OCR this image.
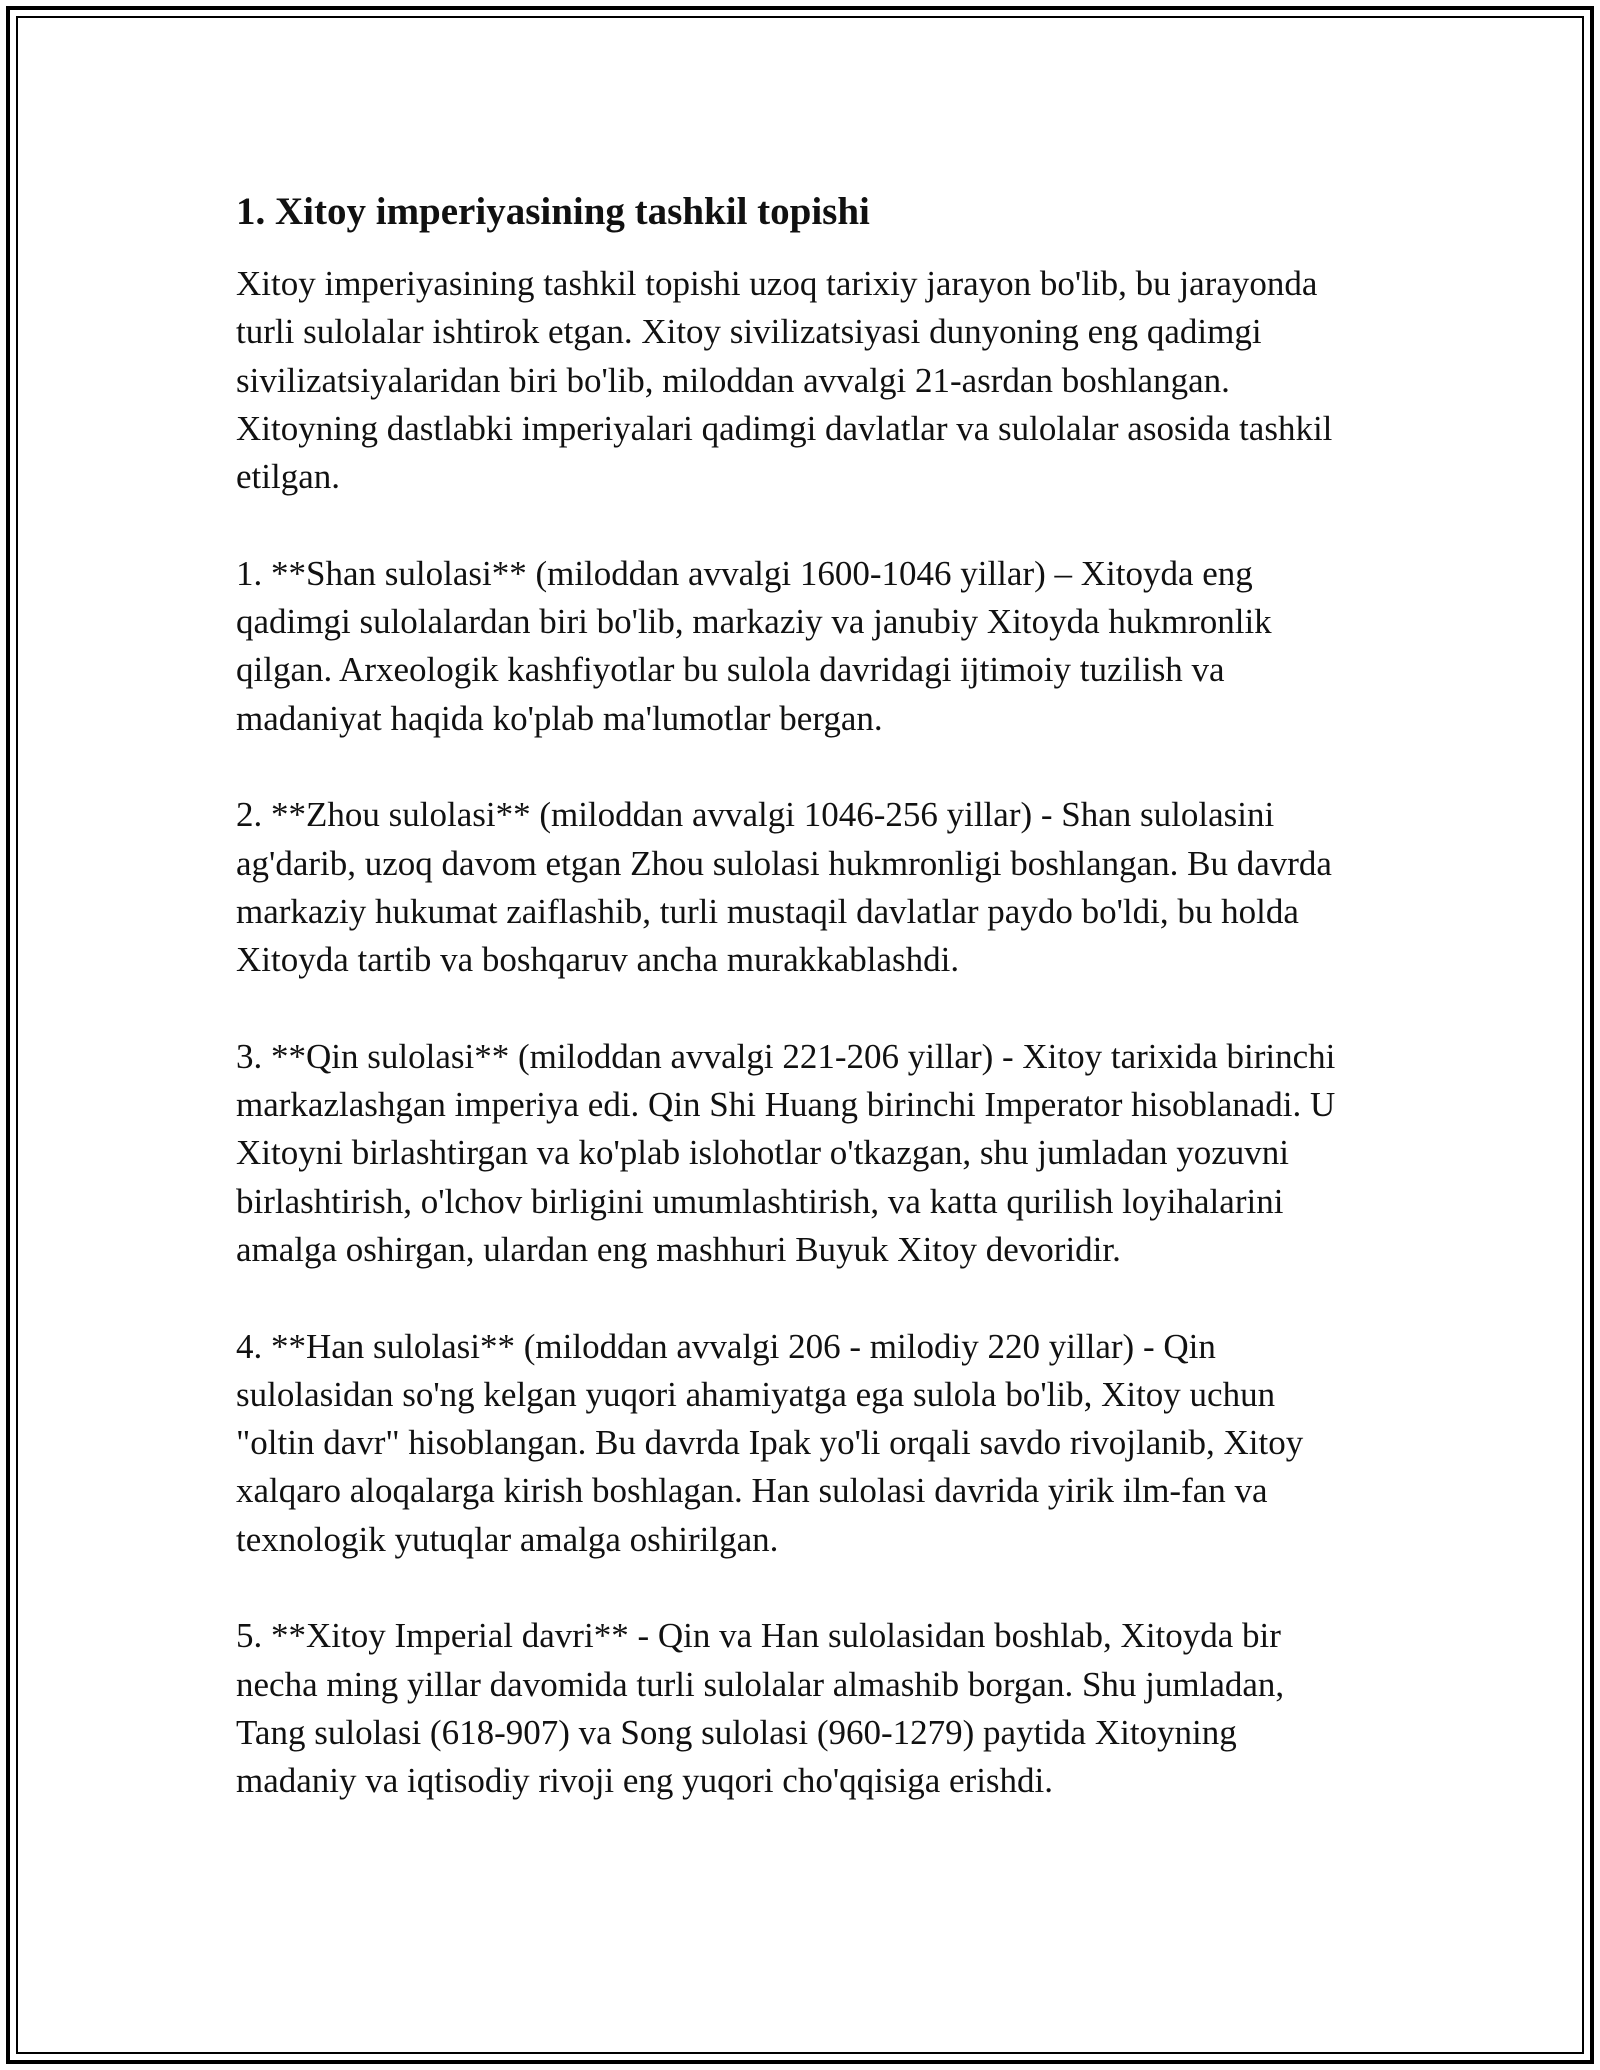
1. Xitoy imperiyasining tashkil topishi

Xitoy imperiyasining tashkil topishi uzoq tarixiy jarayon bo'lib, bu jarayonda turli sulolalar ishtirok etgan. Xitoy sivilizatsiyasi dunyoning eng qadimgi sivilizatsiyalaridan biri bo'lib, miloddan avvalgi 21-asrdan boshlangan. Xitoyning dastlabki imperiyalari qadimgi davlatlar va sulolalar asosida tashkil etilgan.

1. **Shan sulolasi** (miloddan avvalgi 1600-1046 yillar) – Xitoyda eng qadimgi sulolalardan biri bo'lib, markaziy va janubiy Xitoyda hukmronlik qilgan. Arxeologik kashfiyotlar bu sulola davridagi ijtimoiy tuzilish va madaniyat haqida ko'plab ma'lumotlar bergan.

2. **Zhou sulolasi** (miloddan avvalgi 1046-256 yillar) - Shan sulolasini ag'darib, uzoq davom etgan Zhou sulolasi hukmronligi boshlangan. Bu davrda markaziy hukumat zaiflashib, turli mustaqil davlatlar paydo bo'ldi, bu holda Xitoyda tartib va boshqaruv ancha murakkablashdi.

3. **Qin sulolasi** (miloddan avvalgi 221-206 yillar) - Xitoy tarixida birinchi markazlashgan imperiya edi. Qin Shi Huang birinchi Imperator hisoblanadi. U Xitoyni birlashtirgan va ko'plab islohotlar o'tkazgan, shu jumladan yozuvni birlashtirish, o'lchov birligini umumlashtirish, va katta qurilish loyihalarini amalga oshirgan, ulardan eng mashhuri Buyuk Xitoy devoridir.

4. **Han sulolasi** (miloddan avvalgi 206 - milodiy 220 yillar) - Qin sulolasidan so'ng kelgan yuqori ahamiyatga ega sulola bo'lib, Xitoy uchun "oltin davr" hisoblangan. Bu davrda Ipak yo'li orqali savdo rivojlanib, Xitoy xalqaro aloqalarga kirish boshlagan. Han sulolasi davrida yirik ilm-fan va texnologik yutuqlar amalga oshirilgan.

5. **Xitoy Imperial davri** - Qin va Han sulolasidan boshlab, Xitoyda bir necha ming yillar davomida turli sulolalar almashib borgan. Shu jumladan, Tang sulolasi (618-907) va Song sulolasi (960-1279) paytida Xitoyning madaniy va iqtisodiy rivoji eng yuqori cho'qqisiga erishdi.
